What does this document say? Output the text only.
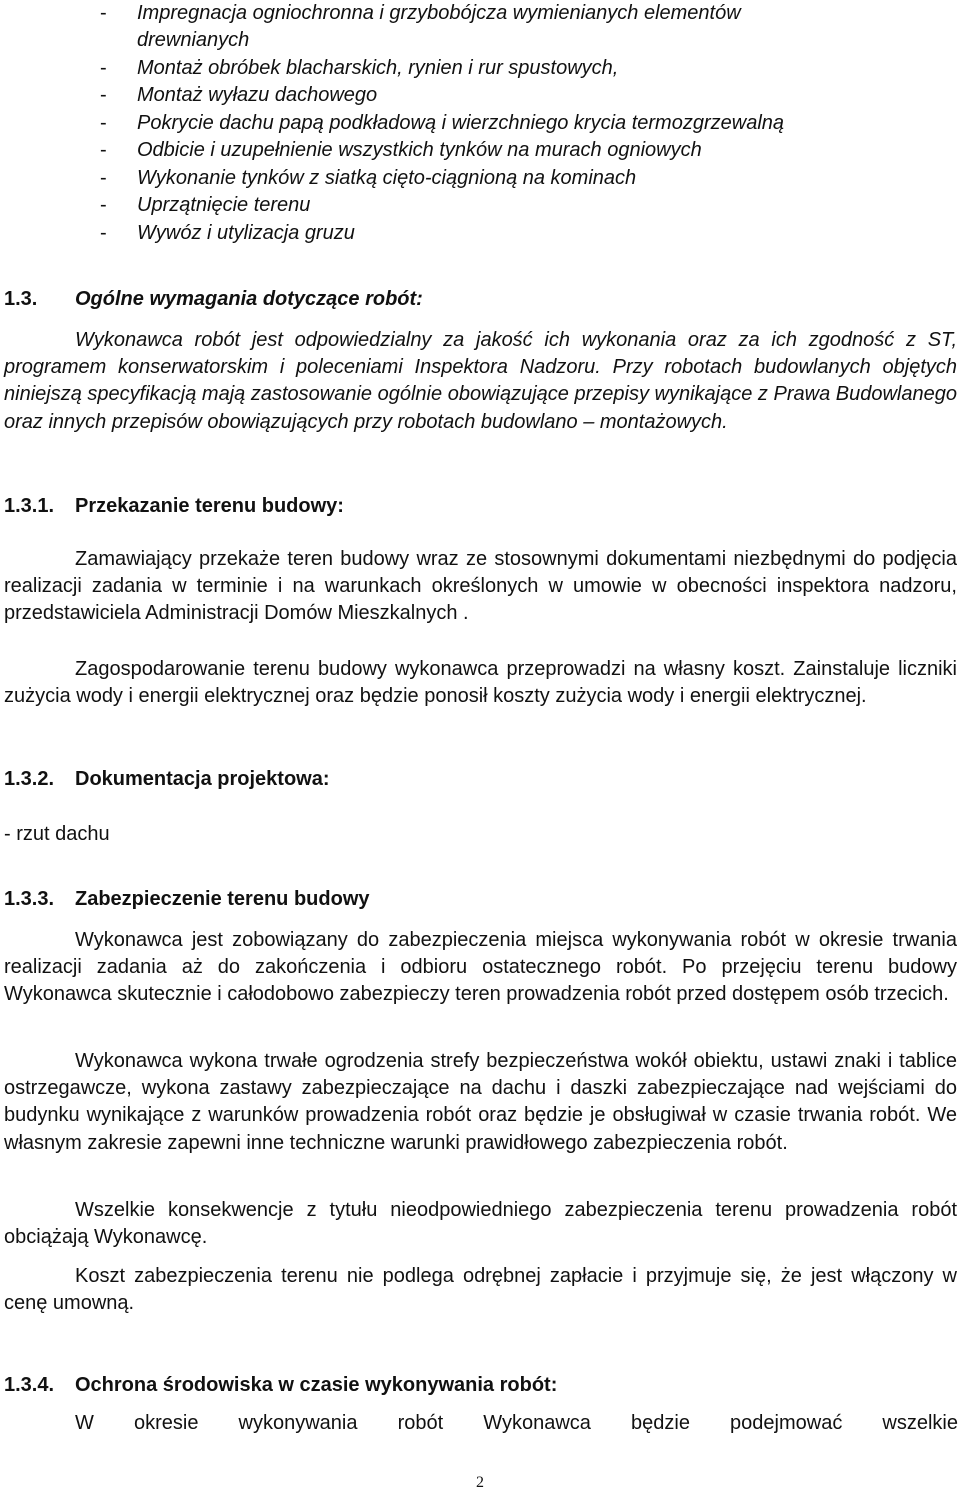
- Impregnacja ogniochronna i grzybobójcza wymienianych elementów
drewnianych
- Montaż obróbek blacharskich, rynien i rur spustowych,
- Montaż wyłazu dachowego
- Pokrycie dachu papą podkładową i wierzchniego krycia termozgrzewalną
- Odbicie i uzupełnienie wszystkich tynków na murach ogniowych
- Wykonanie tynków z siatką cięto-ciągnioną na kominach
- Uprzątnięcie terenu
- Wywóz i utylizacja gruzu
1.3. Ogólne wymagania dotyczące robót:
Wykonawca robót jest odpowiedzialny za jakość ich wykonania oraz za ich zgodność z ST, programem konserwatorskim i poleceniami Inspektora Nadzoru. Przy robotach budowlanych objętych niniejszą specyfikacją mają zastosowanie ogólnie obowiązujące przepisy wynikające z Prawa Budowlanego oraz innych przepisów obowiązujących przy robotach budowlano – montażowych.
1.3.1. Przekazanie terenu budowy:
Zamawiający przekaże teren budowy wraz ze stosownymi dokumentami niezbędnymi do podjęcia realizacji zadania w terminie i na warunkach określonych w umowie w obecności inspektora nadzoru, przedstawiciela Administracji Domów Mieszkalnych .
Zagospodarowanie terenu budowy wykonawca przeprowadzi na własny koszt. Zainstaluje liczniki zużycia wody i energii elektrycznej oraz będzie ponosił koszty zużycia wody i energii elektrycznej.
1.3.2. Dokumentacja projektowa:
- rzut dachu
1.3.3. Zabezpieczenie terenu budowy
Wykonawca jest zobowiązany do zabezpieczenia miejsca wykonywania robót w okresie trwania realizacji zadania aż do zakończenia i odbioru ostatecznego robót. Po przejęciu terenu budowy Wykonawca skutecznie i całodobowo zabezpieczy teren prowadzenia robót przed dostępem osób trzecich.
Wykonawca wykona trwałe ogrodzenia strefy bezpieczeństwa wokół obiektu, ustawi znaki i tablice ostrzegawcze, wykona zastawy zabezpieczające na dachu i daszki zabezpieczające nad wejściami do budynku wynikające z warunków prowadzenia robót oraz będzie je obsługiwał w czasie trwania robót. We własnym zakresie zapewni inne techniczne warunki prawidłowego zabezpieczenia robót.
Wszelkie konsekwencje z tytułu nieodpowiedniego zabezpieczenia terenu prowadzenia robót obciążają Wykonawcę.
Koszt zabezpieczenia terenu nie podlega odrębnej zapłacie i przyjmuje się, że jest włączony w cenę umowną.
1.3.4. Ochrona środowiska w czasie wykonywania robót:
W okresie wykonywania robót Wykonawca będzie podejmować wszelkie
2
